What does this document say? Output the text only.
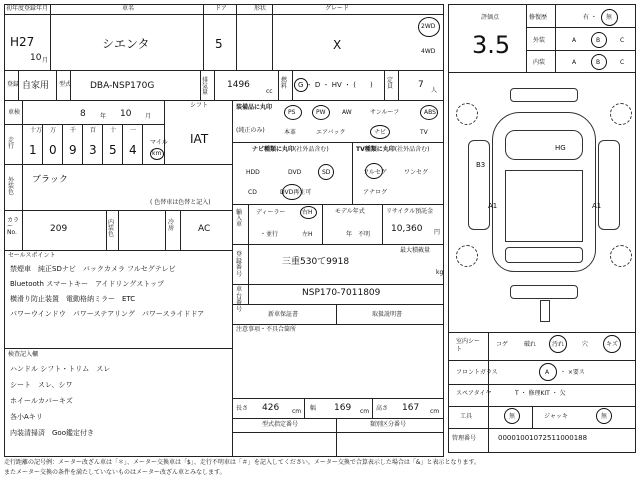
初年度登録年月	車名	ドア	形状	グレード
H27
10 月
シエンタ	5	X
2WD
4WD
登録 自家用 型式 DBA-NSP170G
排気量
1496
cc
燃料	G ・ D ・ HV ・ (　　)
定員	7
人
車検	8 年 10 月
シフト
IAT
走行
十万
1
万
0
千
9
百
3
十
5
一
4
マイル
km
外装色
ブラック
( 色替車は色替と記入)
カラーNo.	209
内装色
冷房	AC
セールスポイント
禁煙車　純正SDナビ　バックカメラ フルセグテレビ
Bluetooth スマートキー　アイドリングストップ
横滑り防止装置　電動格納ミラー　ETC
パワーウインドウ　パワーステアリング　パワースライドドア
検査記入欄
ハンドル シフト・トリム　スレ
シート　スレ、シワ
ホイールカバーキズ
各小Aキリ
内装清掃済　Goo鑑定付き
装備品に丸印
(純正のみ)
PS	PW	AW	サンルーフ	ABS
本革	エアバック	ナビ	TV
ナビ種類に丸印(社外品含む)	TV種類に丸印(社外品含む)
HDD	DVD	SD
CD	DVD再生可
フルセグ	ワンセグ
アナログ
輸入車
ディーラー
・並行
右H
左H
モデル年式
年　不明
リサイクル預託金
10,360 円
登録番号
最大積載量
三重530て9918
kg
車台番号
NSP170-7011809
新車保証書	取扱説明書
注意事項・不具合箇所
長さ 426 cm 幅 169 cm 高さ 167 cm
型式指定番号	類別区分番号
評価点
3.5
修復歴	有 ・ 無
外装	A	B	C
内装	A	B	C
B3
A1	A1
HG
室内シート
コゲ	破れ	汚れ	穴	キズ
フロントガラス	A ・ ×要ス
スペアタイヤ	T ・ 修理KIT ・ 欠
工具	無	ジャッキ	無
管理番号	00001001072511000188
走行距離の記号例：メーター改ざん車は「＊」、メーター交換車は「$」、走行不明車は「＃」を記入してください。メーター交換で合算表示した場合は「&」と表示となります。
またメーター交換の条件を満たしていないものはメーター改ざん車とみなします。
